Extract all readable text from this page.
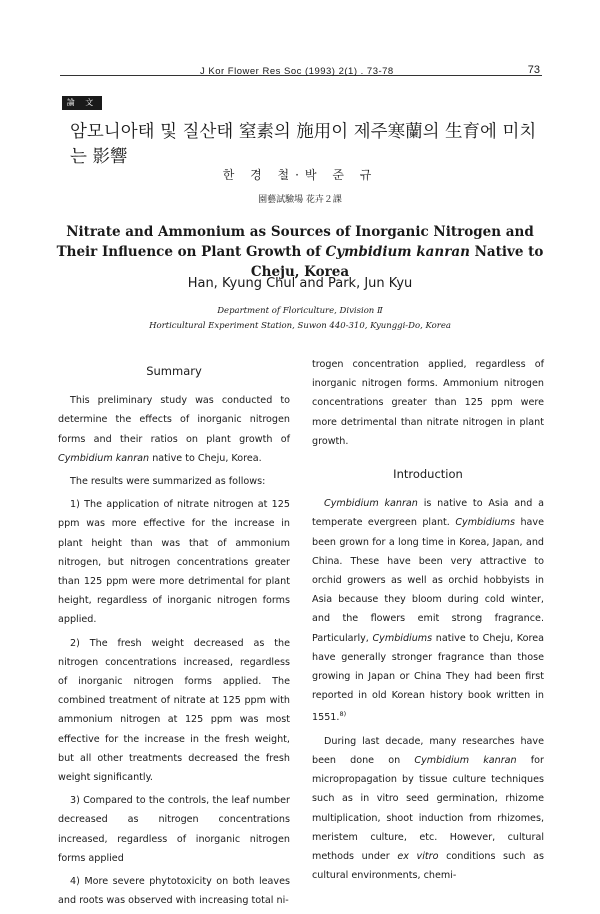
J Kor Flower Res Soc (1993) 2(1) . 73-78	73
論 文
암모니아태 및 질산태 窒素의 施用이 제주寒蘭의 生育에 미치는 影響
한 경 철·박 준 규
園藝試驗場 花卉２課
Nitrate and Ammonium as Sources of Inorganic Nitrogen and Their Influence on Plant Growth of Cymbidium kanran Native to Cheju, Korea
Han, Kyung Chul and Park, Jun Kyu
Department of Floriculture, Division Ⅱ
Horticultural Experiment Station, Suwon 440-310, Kyunggi-Do, Korea
Summary

This preliminary study was conducted to determine the effects of inorganic nitrogen forms and their ratios on plant growth of Cymbidium kanran native to Cheju, Korea.

The results were summarized as follows:

1) The application of nitrate nitrogen at 125 ppm was more effective for the increase in plant height than was that of ammonium nitrogen, but nitrogen concentrations greater than 125 ppm were more detrimental for plant height, regardless of inorganic nitrogen forms applied.

2) The fresh weight decreased as the nitrogen concentrations increased, regardless of inorganic nitrogen forms applied. The combined treatment of nitrate at 125 ppm with ammonium nitrogen at 125 ppm was most effective for the increase in the fresh weight, but all other treatments decreased the fresh weight significantly.

3) Compared to the controls, the leaf number decreased as nitrogen concentrations increased, regardless of inorganic nitrogen forms applied

4) More severe phytotoxicity on both leaves and roots was observed with increasing total ni-

trogen concentration applied, regardless of inorganic nitrogen forms. Ammonium nitrogen concentrations greater than 125 ppm were more detrimental than nitrate nitrogen in plant growth.

Introduction

Cymbidium kanran is native to Asia and a temperate evergreen plant. Cymbidiums have been grown for a long time in Korea, Japan, and China. These have been very attractive to orchid growers as well as orchid hobbyists in Asia because they bloom during cold winter, and the flowers emit strong fragrance. Particularly, Cymbidiums native to Cheju, Korea have generally stronger fragrance than those growing in Japan or China They had been first reported in old Korean history book written in 1551.$^{8)}$

During last decade, many researches have been done on Cymbidium kanran for micropropagation by tissue culture techniques such as in vitro seed germination, rhizome multiplication, shoot induction from rhizomes, meristem culture, etc. However, cultural methods under ex vitro conditions such as cultural environments, chemi-
